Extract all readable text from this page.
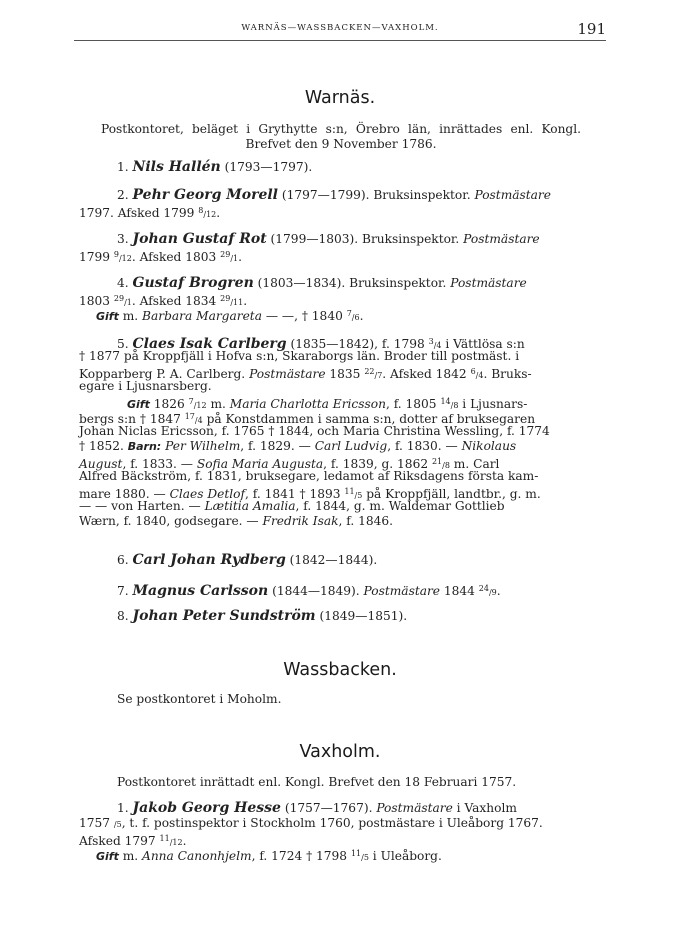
WARNÄS—WASSBACKEN—VAXHOLM.	191
Warnäs.
Postkontoret, beläget i Grythytte s:n, Örebro län, inrättades enl. Kongl.
Brefvet den 9 November 1786.
1. Nils Hallén (1793—1797).
2. Pehr Georg Morell (1797—1799). Bruksinspektor. Postmästare
1797. Afsked 1799 $^8$/12.
3. Johan Gustaf Rot (1799—1803). Bruksinspektor. Postmästare
1799 $^9$/12. Afsked 1803 $^{29}$/1.
4. Gustaf Brogren (1803—1834). Bruksinspektor. Postmästare
1803 $^{29}$/1. Afsked 1834 $^{29}$/11.
Gift m. Barbara Margareta — —, † 1840 $^7$/6.
5. Claes Isak Carlberg (1835—1842), f. 1798 $^3$/4 i Vättlösa s:n
† 1877 på Kroppfjäll i Hofva s:n, Skaraborgs län. Broder till postmäst. i
Kopparberg P. A. Carlberg. Postmästare 1835 $^{22}$/7. Afsked 1842 $^6$/4. Bruks-
egare i Ljusnarsberg.
Gift 1826 $^7$/12 m. Maria Charlotta Ericsson, f. 1805 $^{14}$/8 i Ljusnars-
bergs s:n † 1847 $^{17}$/4 på Konstdammen i samma s:n, dotter af bruksegaren
Johan Niclas Ericsson, f. 1765 † 1844, och Maria Christina Wessling, f. 1774
† 1852. Barn: Per Wilhelm, f. 1829. — Carl Ludvig, f. 1830. — Nikolaus
August, f. 1833. — Sofia Maria Augusta, f. 1839, g. 1862 $^{21}$/8 m. Carl
Alfred Bäckström, f. 1831, bruksegare, ledamot af Riksdagens första kam-
mare 1880. — Claes Detlof, f. 1841 † 1893 $^{11}$/5 på Kroppfjäll, landtbr., g. m.
— — von Harten. — Lætitia Amalia, f. 1844, g. m. Waldemar Gottlieb
Wærn, f. 1840, godsegare. — Fredrik Isak, f. 1846.
6. Carl Johan Rydberg (1842—1844).
7. Magnus Carlsson (1844—1849). Postmästare 1844 $^{24}$/9.
8. Johan Peter Sundström (1849—1851).
Wassbacken.
Se postkontoret i Moholm.
Vaxholm.
Postkontoret inrättadt enl. Kongl. Brefvet den 18 Februari 1757.
1. Jakob Georg Hesse (1757—1767). Postmästare i Vaxholm
1757 /5, t. f. postinspektor i Stockholm 1760, postmästare i Uleåborg 1767.
Afsked 1797 $^{11}$/12.
Gift m. Anna Canonhjelm, f. 1724 † 1798 $^{11}$/5 i Uleåborg.
